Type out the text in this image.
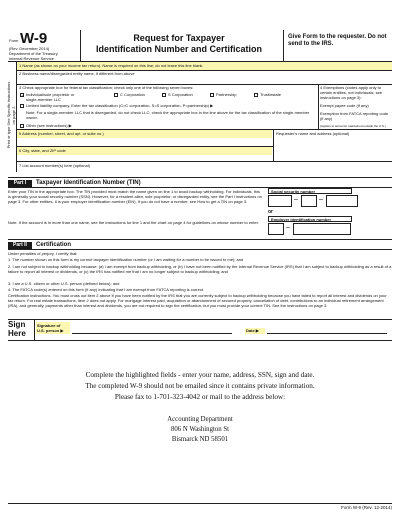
Form W-9
(Rev. December 2014)
Department of the Treasury
Internal Revenue Service
Request for Taxpayer
Identification Number and Certification
Give Form to the requester. Do not send to the IRS.
Print or type See Specific Instructions on page 2.
1 Name (as shown on your income tax return). Name is required on this line; do not leave this line blank.
2 Business name/disregarded entity name, if different from above
3 Check appropriate box for federal tax classification; check only one of the following seven boxes:
✓ Individual/sole proprietor or single-member LLC
C Corporation	S Corporation	Partnership	Trust/estate
Limited liability company. Enter the tax classification (C=C corporation, S=S corporation, P=partnership) ▶
Note. For a single-member LLC that is disregarded, do not check LLC; check the appropriate box in the line above for the tax classification of the single-member owner.
Other (see instructions) ▶
4 Exemptions (codes apply only to certain entities, not individuals; see instructions on page 3):
Exempt payee code (if any)
Exemption from FATCA reporting code (if any)
(Applies to accounts maintained outside the U.S.)
5 Address (number, street, and apt. or suite no.)	Requester's name and address (optional)
6 City, state, and ZIP code
7 List account number(s) here (optional)
Part I	Taxpayer Identification Number (TIN)
Enter your TIN in the appropriate box. The TIN provided must match the name given on line 1 to avoid backup withholding. For individuals, this is generally your social security number (SSN). However, for a resident alien, sole proprietor, or disregarded entity, see the Part I instructions on page 3. For other entities, it is your employer identification number (EIN). If you do not have a number, see How to get a TIN on page 3.
Note. If the account is in more than one name, see the instructions for line 1 and the chart on page 4 for guidelines on whose number to enter.
Social security number
–	–
or
Employer identification number
–
Part II	Certification
Under penalties of perjury, I certify that:
1. The number shown on this form is my correct taxpayer identification number (or I am waiting for a number to be issued to me); and
2. I am not subject to backup withholding because: (a) I am exempt from backup withholding, or (b) I have not been notified by the Internal Revenue Service (IRS) that I am subject to backup withholding as a result of a failure to report all interest or dividends, or (c) the IRS has notified me that I am no longer subject to backup withholding; and
3. I am a U.S. citizen or other U.S. person (defined below); and
4. The FATCA code(s) entered on this form (if any) indicating that I am exempt from FATCA reporting is correct.
Certification instructions. You must cross out item 2 above if you have been notified by the IRS that you are currently subject to backup withholding because you have failed to report all interest and dividends on your tax return. For real estate transactions, item 2 does not apply. For mortgage interest paid, acquisition or abandonment of secured property, cancellation of debt, contributions to an individual retirement arrangement (IRA), and generally, payments other than interest and dividends, you are not required to sign the certification, but you must provide your correct TIN. See the instructions on page 3.
Sign
Here
Signature of U.S. person ▶	Date ▶
Complete the highlighted fields - enter your name, address, SSN, sign and date.
The completed W-9 should not be emailed since it contains private information.
Please fax to 1-701-323-4042 or mail to the address below:
Accounting Department
806 N Washington St
Bismarck ND 58501
Form W-9 (Rev. 12-2014)
